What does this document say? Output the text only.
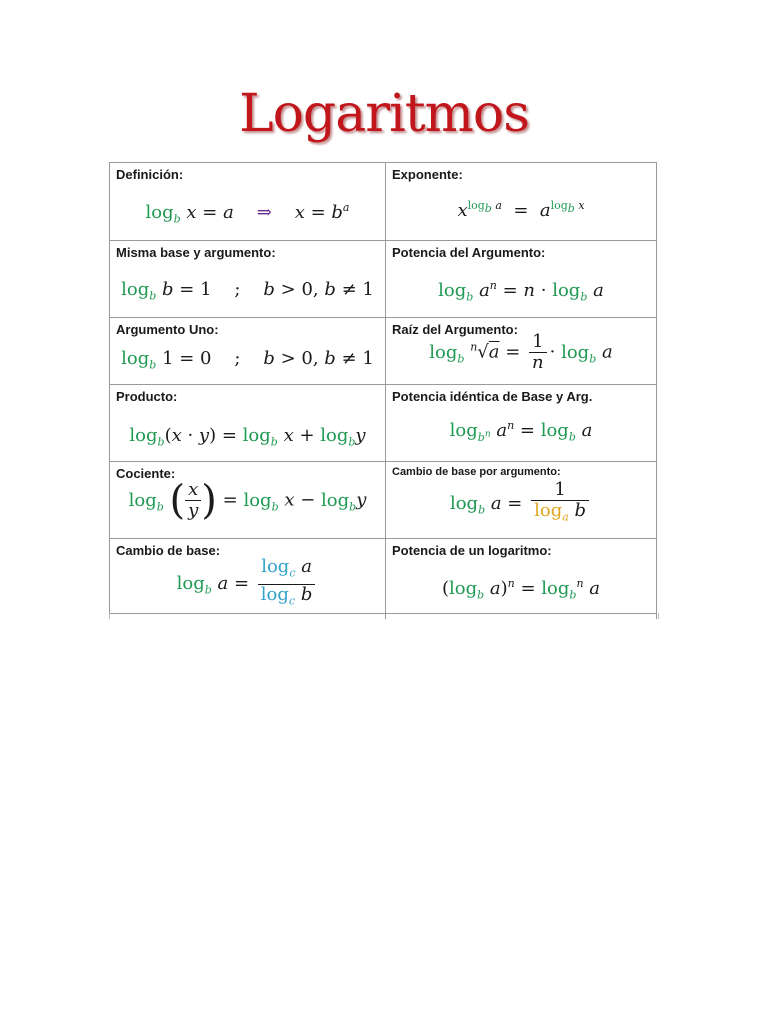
Logaritmos
Definición:
$\log_b x = a$ ⇒ $x = b^a$
Exponente:
$x^{log_b a} = a^{log_b x}$
Misma base y argumento:
$\log_b b = 1$    ;    b > 0, b ≠ 1
Potencia del Argumento:
$\log_b a^n = n \cdot \log_b a$
Argumento Uno:
$\log_b 1 = 0$    ;    b > 0, b ≠ 1
Raíz del Argumento:
$\log_b ^n√a = \frac{1}{n} \cdot \log_b a$
Producto:
$\log_b(x \cdot y) = \log_b x + \log_by$
Potencia idéntica de Base y Arg.
$\log_{b^n} a^n = \log_b a$
Cociente:
$\log_b$ ( $\frac{x}{y}$ ) = $\log_b x - \log_by$
Cambio de base por argumento:
$\log_b a = \frac{1}{\log_a b}$
Cambio de base:
$\log_b a = \frac{\log_c a}{\log_c b}$
Potencia de un logaritmo:
($\log_b$ $a)^n = \log_b^n a$
